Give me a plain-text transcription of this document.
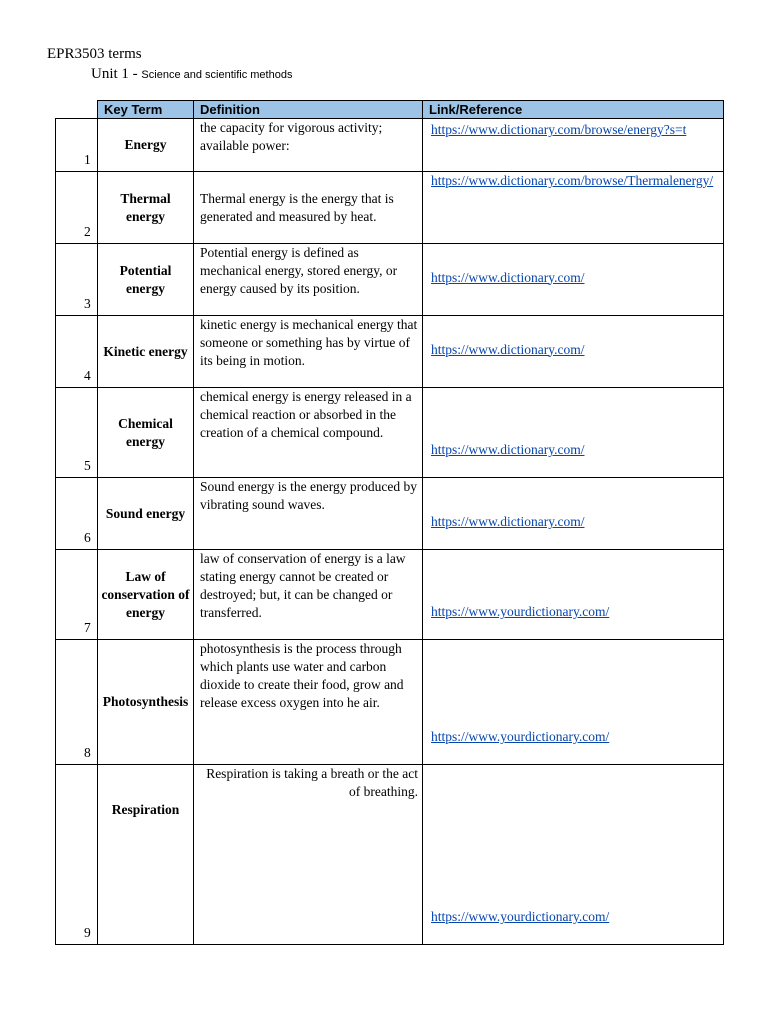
EPR3503 terms
Unit 1 - Science and scientific methods
	Key Term	Definition	Link/Reference

1	Energy	the capacity for vigorous activity; available power:	https://www.dictionary.com/browse/energy?s=t

2	Thermal energy	Thermal energy is the energy that is generated and measured by heat.	https://www.dictionary.com/browse/Thermalenergy/

3	Potential energy	Potential energy is defined as mechanical energy, stored energy, or energy caused by its position.	https://www.dictionary.com/

4	Kinetic energy	kinetic energy is mechanical energy that someone or something has by virtue of its being in motion.	https://www.dictionary.com/

5	Chemical energy	chemical energy is energy released in a chemical reaction or absorbed in the creation of a chemical compound.	https://www.dictionary.com/

6	Sound energy	Sound energy is the energy produced by vibrating sound waves.	https://www.dictionary.com/

7	Law of conservation of energy	law of conservation of energy is a law stating energy cannot be created or destroyed; but, it can be changed or transferred.	https://www.yourdictionary.com/

8	Photosynthesis	photosynthesis is the process through which plants use water and carbon dioxide to create their food, grow and release excess oxygen into he air.	https://www.yourdictionary.com/

9	Respiration	Respiration is taking a breath or the act of breathing.	https://www.yourdictionary.com/
